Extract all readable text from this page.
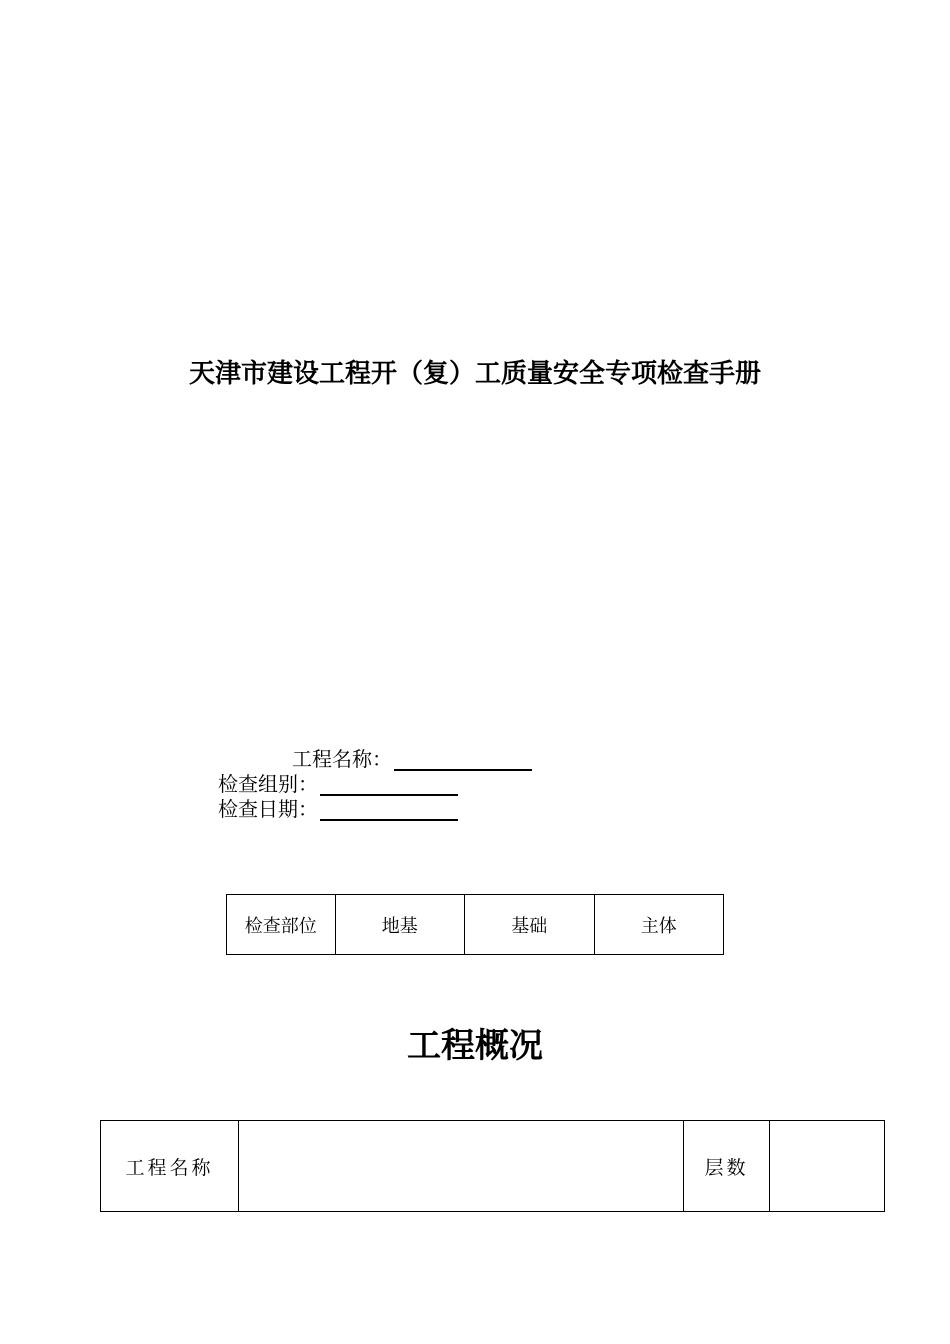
天津市建设工程开（复）工质量安全专项检查手册
工程名称：
检查组别：
检查日期：
检查部位	地基	基础	主体
工程概况
工程名称		层数	
